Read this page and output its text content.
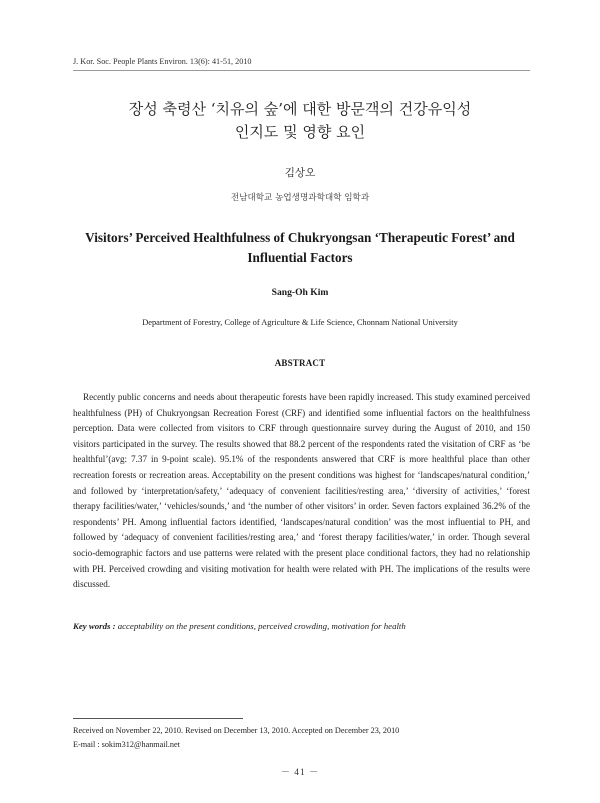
J. Kor. Soc. People Plants Environ. 13(6): 41-51, 2010
장성 축령산 ‘치유의 숲’에 대한 방문객의 건강유익성
인지도 및 영향 요인
김상오
전남대학교 농업생명과학대학 임학과
Visitors’ Perceived Healthfulness of Chukryongsan ‘Therapeutic Forest’ and
Influential Factors
Sang-Oh Kim
Department of Forestry, College of Agriculture & Life Science, Chonnam National University
ABSTRACT

Recently public concerns and needs about therapeutic forests have been rapidly increased. This study examined perceived healthfulness (PH) of Chukryongsan Recreation Forest (CRF) and identified some influential factors on the healthfulness perception. Data were collected from visitors to CRF through questionnaire survey during the August of 2010, and 150 visitors participated in the survey. The results showed that 88.2 percent of the respondents rated the visitation of CRF as ‘be healthful’(avg: 7.37 in 9-point scale). 95.1% of the respondents answered that CRF is more healthful place than other recreation forests or recreation areas. Acceptability on the present conditions was highest for ‘landscapes/natural condition,’ and followed by ‘interpretation/safety,’ ‘adequacy of convenient facilities/resting area,’ ‘diversity of activities,’ ‘forest therapy facilities/water,’ ‘vehicles/sounds,’ and ‘the number of other visitors’ in order. Seven factors explained 36.2% of the respondents’ PH. Among influential factors identified, ‘landscapes/natural condition’ was the most influential to PH, and followed by ‘adequacy of convenient facilities/resting area,’ and ‘forest therapy facilities/water,’ in order. Though several socio-demographic factors and use patterns were related with the present place conditional factors, they had no relationship with PH. Perceived crowding and visiting motivation for health were related with PH. The implications of the results were discussed.

Key words : acceptability on the present conditions, perceived crowding, motivation for health
Received on November 22, 2010. Revised on December 13, 2010. Accepted on December 23, 2010
E-mail : sokim312@hanmail.net
－ 41 －
